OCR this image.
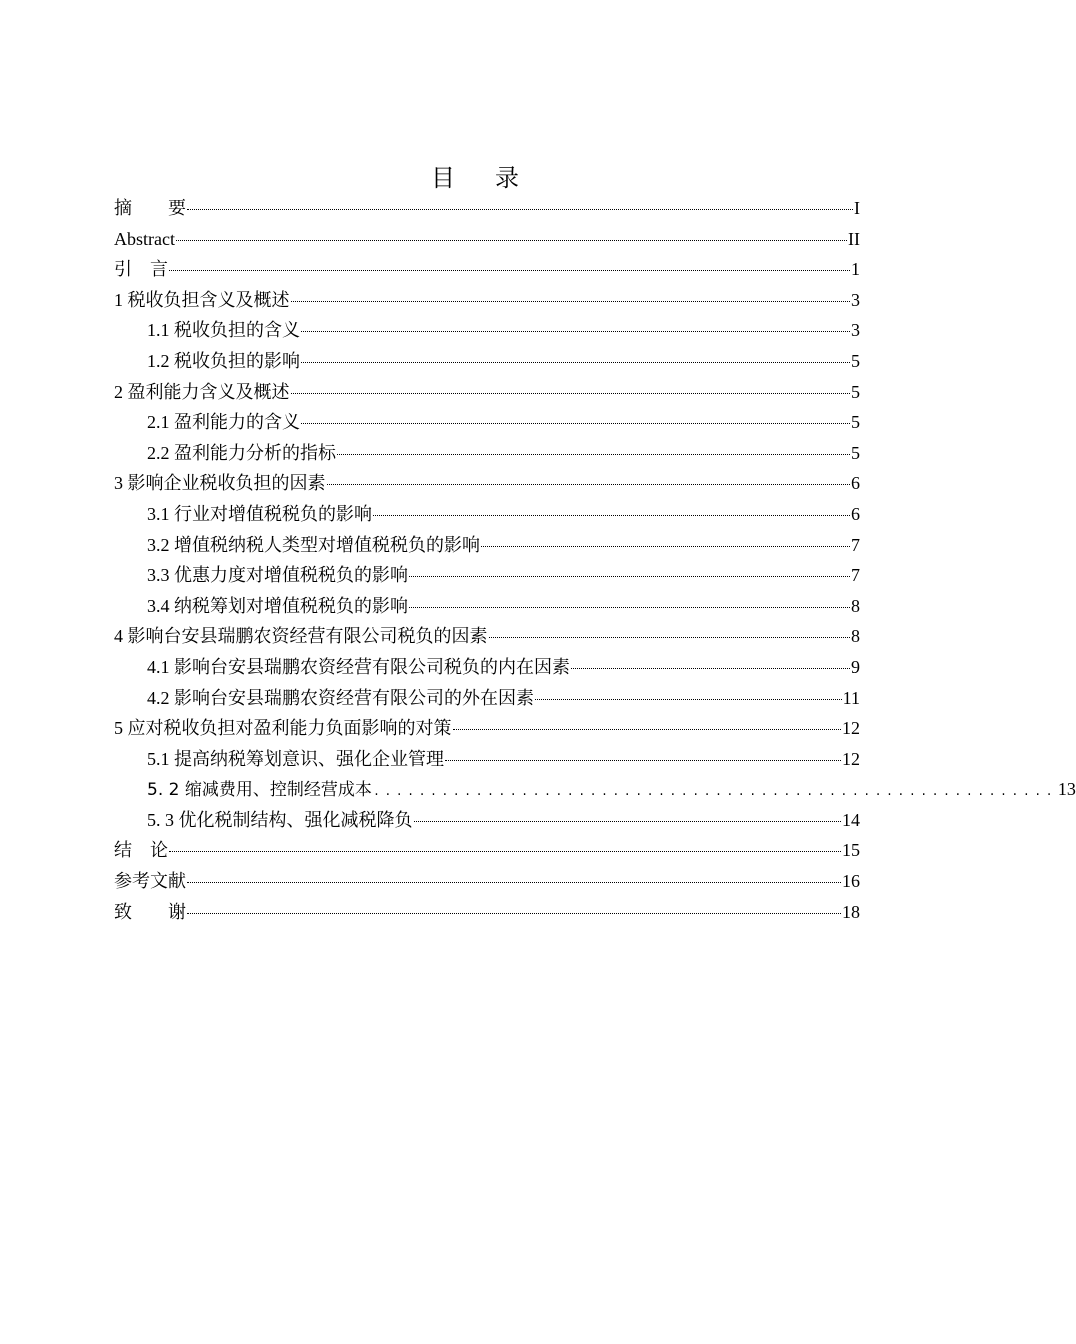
目 录
摘　　要	I
Abstract	II
引　言	1
1 税收负担含义及概述	3
1.1 税收负担的含义	3
1.2 税收负担的影响	5
2 盈利能力含义及概述	5
2.1 盈利能力的含义	5
2.2 盈利能力分析的指标	5
3 影响企业税收负担的因素	6
3.1 行业对增值税税负的影响	6
3.2 增值税纳税人类型对增值税税负的影响	7
3.3 优惠力度对增值税税负的影响	7
3.4 纳税筹划对增值税税负的影响	8
4 影响台安县瑞鹏农资经营有限公司税负的因素	8
4.1 影响台安县瑞鹏农资经营有限公司税负的内在因素	9
4.2 影响台安县瑞鹏农资经营有限公司的外在因素	11
5 应对税收负担对盈利能力负面影响的对策	12
5.1 提高纳税筹划意识、强化企业管理	12
5. 2 缩减费用、控制经营成本 ............................................................ 13
5. 3 优化税制结构、强化减税降负	14
结　论	15
参考文献	16
致　　谢	18
